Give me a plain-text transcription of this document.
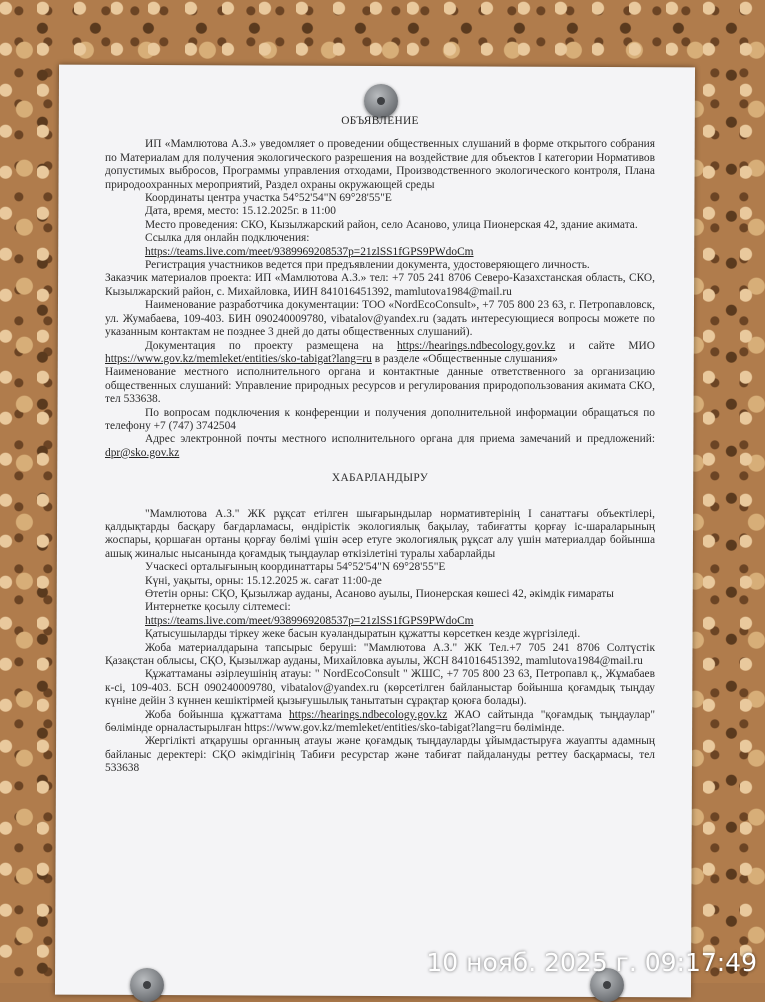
ОБЪЯВЛЕНИЕ

ИП «Мамлютова А.З.» уведомляет о проведении общественных слушаний в форме открытого собрания по Материалам для получения экологического разрешения на воздействие для объектов I категории Нормативов допустимых выбросов, Программы управления отходами, Производственного экологического контроля, Плана природоохранных мероприятий, Раздел охраны окружающей среды

Координаты центра участка 54°52'54"N 69°28'55"E

Дата, время, место: 15.12.2025г. в 11:00

Место проведения: СКО, Кызылжарский район, село Асаново, улица Пионерская 42, здание акимата.

Ссылка для онлайн подключения:

https://teams.live.com/meet/9389969208537p=21zlSS1fGPS9PWdoCm

Регистрация участников ведется при предъявлении документа, удостоверяющего личность.

Заказчик материалов проекта: ИП «Мамлютова А.З.» тел: +7 705 241 8706 Северо-Казахстанская область, СКО, Кызылжарский район, с. Михайловка, ИИН 841016451392, mamlutova1984@mail.ru

Наименование разработчика документации: ТОО «NordEcoConsult», +7 705 800 23 63, г. Петропавловск, ул. Жумабаева, 109-403. БИН 090240009780, vibatalov@yandex.ru (задать интересующиеся вопросы можете по указанным контактам не позднее 3 дней до даты общественных слушаний).

Документация по проекту размещена на https://hearings.ndbecology.gov.kz и сайте МИО https://www.gov.kz/memleket/entities/sko-tabigat?lang=ru в разделе «Общественные слушания»

Наименование местного исполнительного органа и контактные данные ответственного за организацию общественных слушаний: Управление природных ресурсов и регулирования природопользования акимата СКО, тел 533638.

По вопросам подключения к конференции и получения дополнительной информации обращаться по телефону +7 (747) 3742504

Адрес электронной почты местного исполнительного органа для приема замечаний и предложений: dpr@sko.gov.kz

ХАБАРЛАНДЫРУ

"Мамлютова А.З." ЖК рұқсат етілген шығарындылар нормативтерінің I санаттағы объектілері, қалдықтарды басқару бағдарламасы, өндірістік экологиялық бақылау, табиғатты қорғау іс-шараларының жоспары, қоршаған ортаны қорғау бөлімі үшін әсер етуге экологиялық рұқсат алу үшін материалдар бойынша ашық жиналыс нысанында қоғамдық тыңдаулар өткізілетіні туралы хабарлайды

Учаскесі орталығының координаттары 54°52'54"N 69°28'55"E

Күні, уақыты, орны: 15.12.2025 ж. сағат 11:00-де

Өтетін орны: СҚО, Қызылжар ауданы, Асаново ауылы, Пионерская көшесі 42, әкімдік ғимараты

Интернетке қосылу сілтемесі:

https://teams.live.com/meet/9389969208537p=21zlSS1fGPS9PWdoCm

Қатысушыларды тіркеу жеке басын куәландыратын құжатты көрсеткен кезде жүргізіледі.

Жоба материалдарына тапсырыс беруші: "Мамлютова А.З." ЖК Тел.+7 705 241 8706 Солтүстік Қазақстан облысы, СҚО, Қызылжар ауданы, Михайловка ауылы, ЖСН 841016451392, mamlutova1984@mail.ru

Құжаттаманы әзірлеушінің атауы: " NordEcoConsult " ЖШС, +7 705 800 23 63, Петропавл қ., Жұмабаев к-сі, 109-403. БСН 090240009780, vibatalov@yandex.ru (көрсетілген байланыстар бойынша қоғамдық тыңдау күніне дейін 3 күннен кешіктірмей қызығушылық танытатын сұрақтар қоюға болады).

Жоба бойынша құжаттама https://hearings.ndbecology.gov.kz ЖАО сайтында "қоғамдық тыңдаулар" бөлімінде орналастырылған https://www.gov.kz/memleket/entities/sko-tabigat?lang=ru бөлімінде.

Жергілікті атқарушы органның атауы және қоғамдық тыңдауларды ұйымдастыруға жауапты адамның байланыс деректері: СҚО әкімдігінің Табиғи ресурстар және табиғат пайдалануды реттеу басқармасы, тел 533638

10 нояб. 2025 г. 09:17:49
